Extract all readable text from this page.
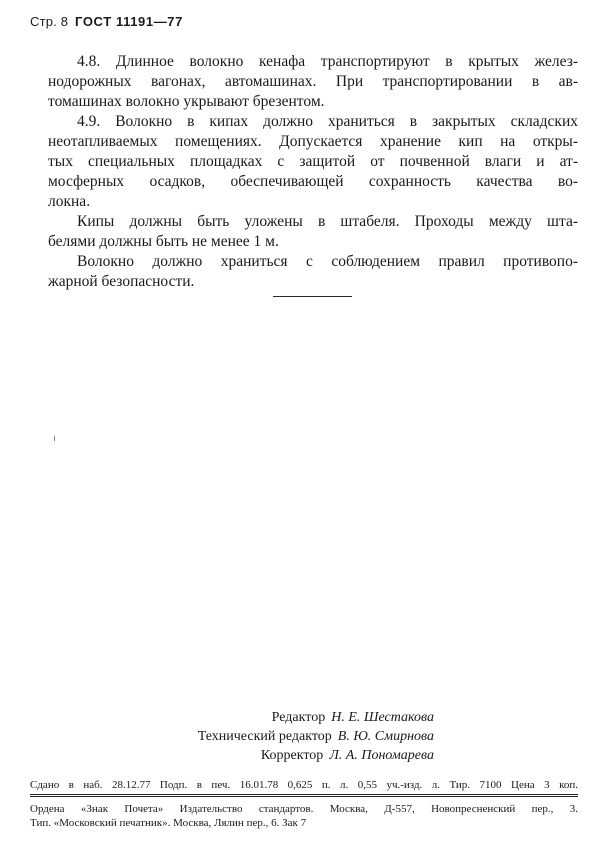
Стр. 8 ГОСТ 11191—77
4.8. Длинное волокно кенафа транспортируют в крытых желез-
нодорожных вагонах, автомашинах. При транспортировании в ав-
томашинах волокно укрывают брезентом.
4.9. Волокно в кипах должно храниться в закрытых складских
неотапливаемых помещениях. Допускается хранение кип на откры-
тых специальных площадках с защитой от почвенной влаги и ат-
мосферных осадков, обеспечивающей сохранность качества во-
локна.
Кипы должны быть уложены в штабеля. Проходы между шта-
белями должны быть не менее 1 м.
Волокно должно храниться с соблюдением правил противопо-
жарной безопасности.
Редактор Н. Е. Шестакова
Технический редактор В. Ю. Смирнова
Корректор Л. А. Пономарева
Сдано в наб. 28.12.77 Подп. в печ. 16.01.78 0,625 п. л. 0,55 уч.-изд. л. Тир. 7100 Цена 3 коп.
Ордена «Знак Почета» Издательство стандартов. Москва, Д-557, Новопресненский пер., 3.
Тип. «Московский печатник». Москва, Лялин пер., 6. Зак 7
